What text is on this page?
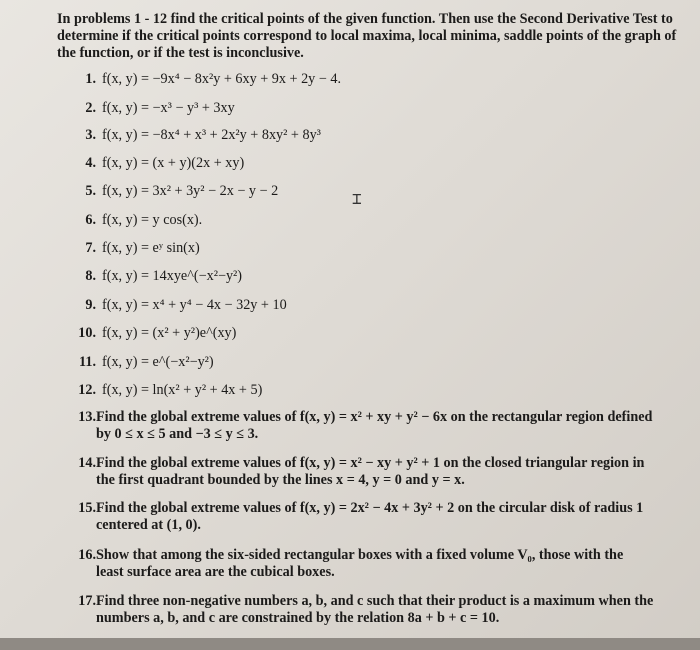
In problems 1 - 12 find the critical points of the given function. Then use the Second Derivative Test to determine if the critical points correspond to local maxima, local minima, saddle points of the graph of the function, or if the test is inconclusive.

1. f(x, y) = −9x⁴ − 8x²y + 6xy + 9x + 2y − 4.
2. f(x, y) = −x³ − y³ + 3xy
3. f(x, y) = −8x⁴ + x³ + 2x²y + 8xy² + 8y³
4. f(x, y) = (x + y)(2x + xy)
5. f(x, y) = 3x² + 3y² − 2x − y − 2
6. f(x, y) = y cos(x).
7. f(x, y) = eʸ sin(x)
8. f(x, y) = 14xye^(−x²−y²)
9. f(x, y) = x⁴ + y⁴ − 4x − 32y + 10
10. f(x, y) = (x² + y²)e^(xy)
11. f(x, y) = e^(−x²−y²)
12. f(x, y) = ln(x² + y² + 4x + 5)
13. Find the global extreme values of f(x, y) = x² + xy + y² − 6x on the rectangular region defined by 0 ≤ x ≤ 5 and −3 ≤ y ≤ 3.
14. Find the global extreme values of f(x, y) = x² − xy + y² + 1 on the closed triangular region in the first quadrant bounded by the lines x = 4, y = 0 and y = x.
15. Find the global extreme values of f(x, y) = 2x² − 4x + 3y² + 2 on the circular disk of radius 1 centered at (1, 0).
16. Show that among the six-sided rectangular boxes with a fixed volume V₀, those with the least surface area are the cubical boxes.
17. Find three non-negative numbers a, b, and c such that their product is a maximum when the numbers a, b, and c are constrained by the relation 8a + b + c = 10.
⌶
